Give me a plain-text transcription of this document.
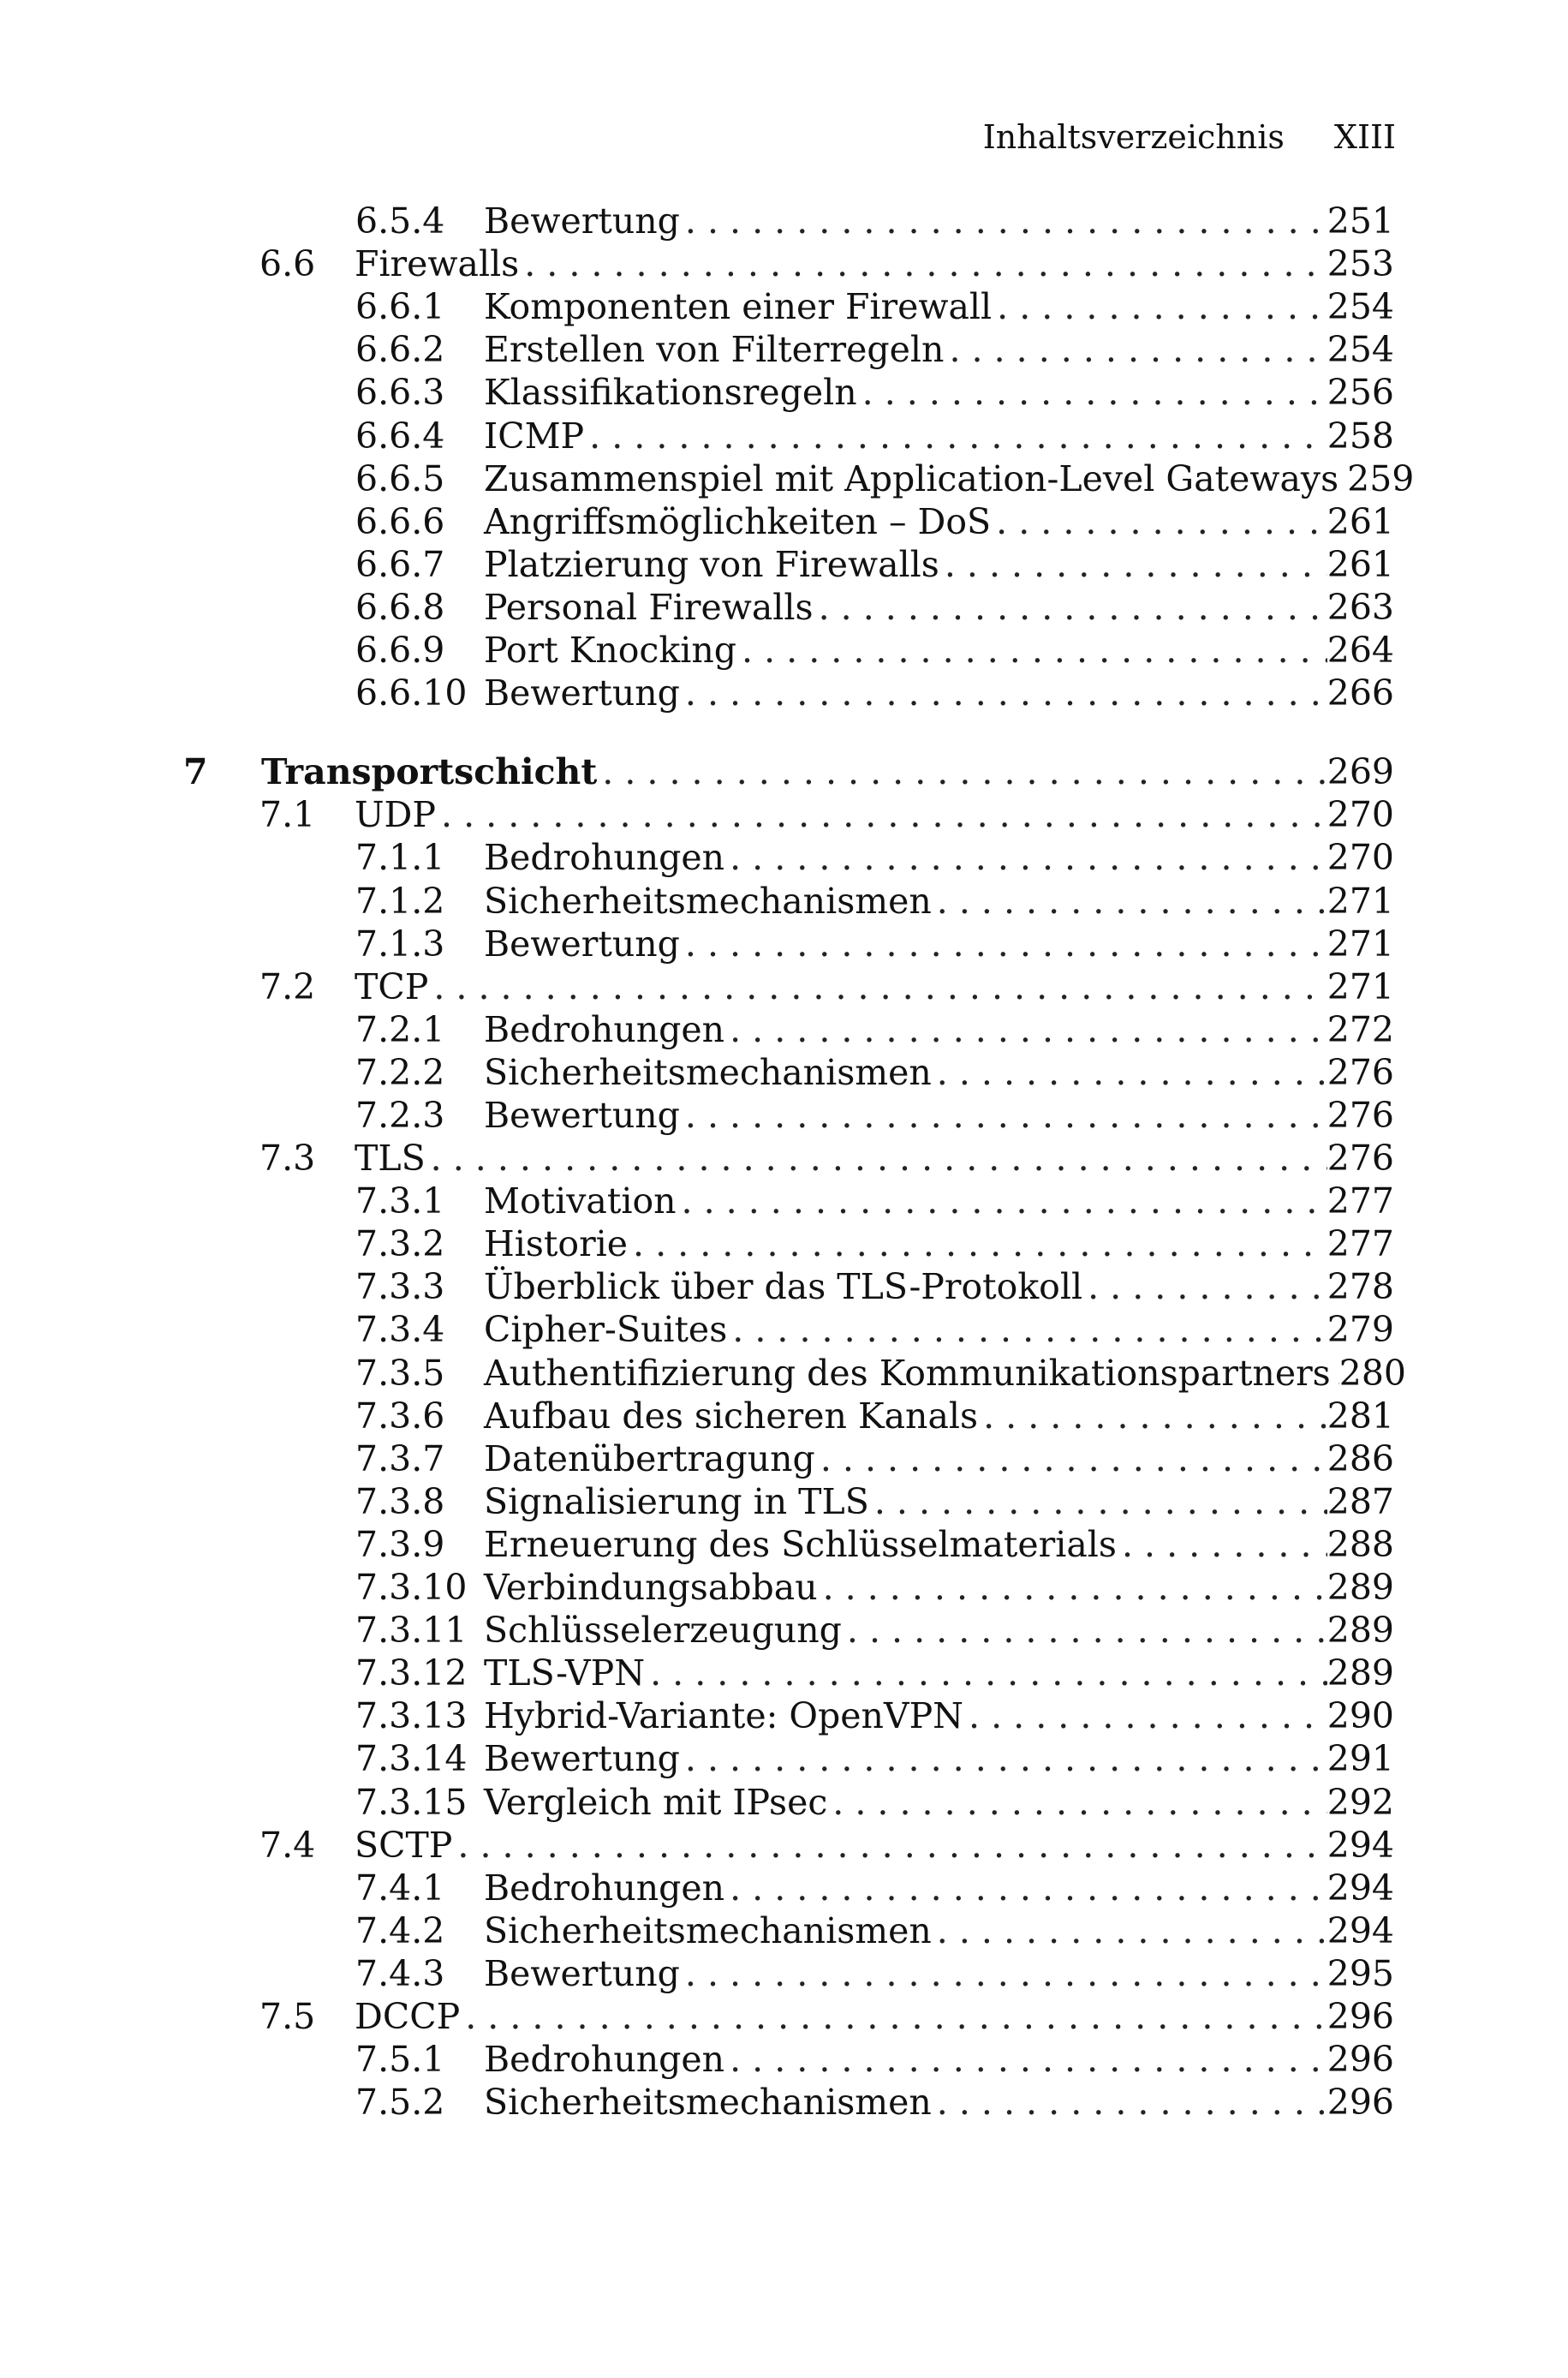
Inhaltsverzeichnis XIII
6.5.4 Bewertung . . .	251
6.6 Firewalls . . .	253
6.6.1 Komponenten einer Firewall . . .	254
6.6.2 Erstellen von Filterregeln . . .	254
6.6.3 Klassifikationsregeln . . .	256
6.6.4 ICMP . . .	258
6.6.5 Zusammenspiel mit Application-Level Gateways . . . 259
6.6.6 Angriffsmöglichkeiten – DoS . . .	261
6.6.7 Platzierung von Firewalls . . .	261
6.6.8 Personal Firewalls . . .	263
6.6.9 Port Knocking . . .	264
6.6.10 Bewertung . . .	266
7 Transportschicht . . .	269
7.1 UDP . . .	270
7.1.1 Bedrohungen . . .	270
7.1.2 Sicherheitsmechanismen . . .	271
7.1.3 Bewertung . . .	271
7.2 TCP . . .	271
7.2.1 Bedrohungen . . .	272
7.2.2 Sicherheitsmechanismen . . .	276
7.2.3 Bewertung . . .	276
7.3 TLS . . .	276
7.3.1 Motivation . . .	277
7.3.2 Historie . . .	277
7.3.3 Überblick über das TLS-Protokoll . . .	278
7.3.4 Cipher-Suites . . .	279
7.3.5 Authentifizierung des Kommunikationspartners . . . 280
7.3.6 Aufbau des sicheren Kanals . . .	281
7.3.7 Datenübertragung . . .	286
7.3.8 Signalisierung in TLS . . .	287
7.3.9 Erneuerung des Schlüsselmaterials . . .	288
7.3.10 Verbindungsabbau . . .	289
7.3.11 Schlüsselerzeugung . . .	289
7.3.12 TLS-VPN . . .	289
7.3.13 Hybrid-Variante: OpenVPN . . .	290
7.3.14 Bewertung . . .	291
7.3.15 Vergleich mit IPsec . . .	292
7.4 SCTP . . .	294
7.4.1 Bedrohungen . . .	294
7.4.2 Sicherheitsmechanismen . . .	294
7.4.3 Bewertung . . .	295
7.5 DCCP . . .	296
7.5.1 Bedrohungen . . .	296
7.5.2 Sicherheitsmechanismen . . .	296
